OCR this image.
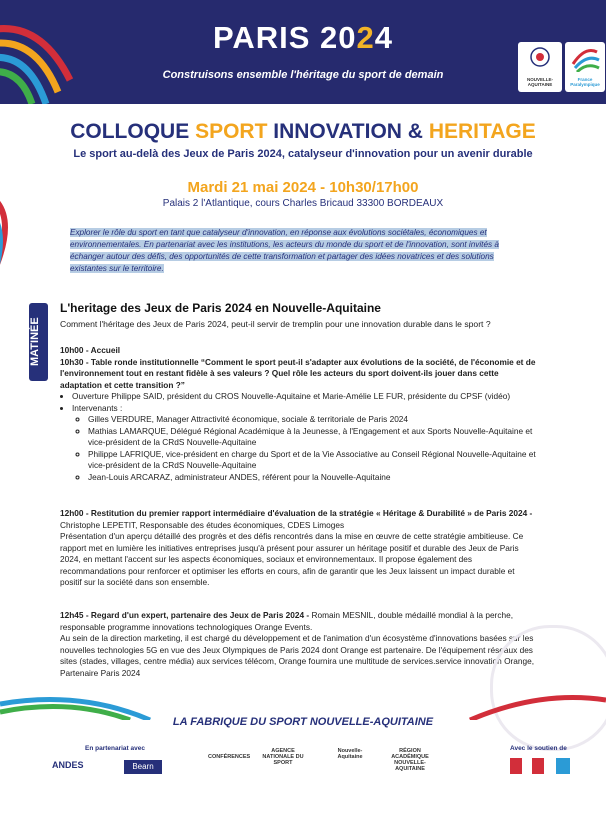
PARIS 2024
Construisons ensemble l'héritage du sport de demain	NOUVELLE-AQUITAINE
France Paralympique
COLLOQUE SPORT INNOVATION & HERITAGE
Le sport au-delà des Jeux de Paris 2024, catalyseur d'innovation pour un avenir durable
Mardi 21 mai 2024 - 10h30/17h00
Palais 2 l'Atlantique, cours Charles Bricaud 33300 BORDEAUX
Explorer le rôle du sport en tant que catalyseur d'innovation, en réponse aux évolutions sociétales, économiques et environnementales. En partenariat avec les institutions, les acteurs du monde du sport et de l'innovation, sont invités à échanger autour des défis, des opportunités de cette transformation et partager des idées novatrices et des solutions existantes sur le territoire.
MATINÉE
L'heritage des Jeux de Paris 2024 en Nouvelle-Aquitaine
Comment l'héritage des Jeux de Paris 2024, peut-il servir de tremplin pour une innovation durable dans le sport ?
10h00 - Accueil
10h30 - Table ronde institutionnelle “Comment le sport peut-il s'adapter aux évolutions de la société, de l'économie et de l'environnement tout en restant fidèle à ses valeurs ? Quel rôle les acteurs du sport doivent-ils jouer dans cette adaptation et cette transition ?”
• Ouverture Philippe SAID, président du CROS Nouvelle-Aquitaine et Marie-Amélie LE FUR, présidente du CPSF (vidéo)
• Intervenants :
◦ Gilles VERDURE, Manager Attractivité économique, sociale & territoriale de Paris 2024
◦ Mathias LAMARQUE, Délégué Régional Académique à la Jeunesse, à l'Engagement et aux Sports Nouvelle-Aquitaine et vice-président de la CRdS Nouvelle-Aquitaine
◦ Philippe LAFRIQUE, vice-président en charge du Sport et de la Vie Associative au Conseil Régional Nouvelle-Aquitaine et vice-président de la CRdS Nouvelle-Aquitaine
◦ Jean-Louis ARCARAZ, administrateur ANDES, référent pour la Nouvelle-Aquitaine
12h00 - Restitution du premier rapport intermédiaire d'évaluation de la stratégie « Héritage & Durabilité » de Paris 2024 - Christophe LEPETIT, Responsable des études économiques, CDES Limoges
Présentation d'un aperçu détaillé des progrès et des défis rencontrés dans la mise en œuvre de cette stratégie ambitieuse. Ce rapport met en lumière les initiatives entreprises jusqu'à présent pour assurer un héritage positif et durable des Jeux de Paris 2024, en mettant l'accent sur les aspects économiques, sociaux et environnementaux. Il propose également des recommandations pour renforcer et optimiser les efforts en cours, afin de garantir que les Jeux laissent un impact durable et positif sur la société dans son ensemble.
12h45 - Regard d'un expert, partenaire des Jeux de Paris 2024 - Romain MESNIL, double médaillé mondial à la perche, responsable programme innovations technologiques Orange Events.
Au sein de la direction marketing, il est chargé du développement et de l'animation d'un écosystème d'innovations basées sur les nouvelles technologies 5G en vue des Jeux Olympiques de Paris 2024 dont Orange est partenaire. De l'équipement réseaux des sites (stades, villages, centre média) aux services télécom, Orange fournira une multitude de services.service innovation Orange, Partenaire Paris 2024
LA FABRIQUE DU SPORT NOUVELLE-AQUITAINE
En partenariat avec	Avec le soutien de
ANDES	Bearn
CONFÉRENCES
AGENCE NATIONALE DU SPORT
Nouvelle-Aquitaine
RÉGION ACADÉMIQUE NOUVELLE-AQUITAINE
